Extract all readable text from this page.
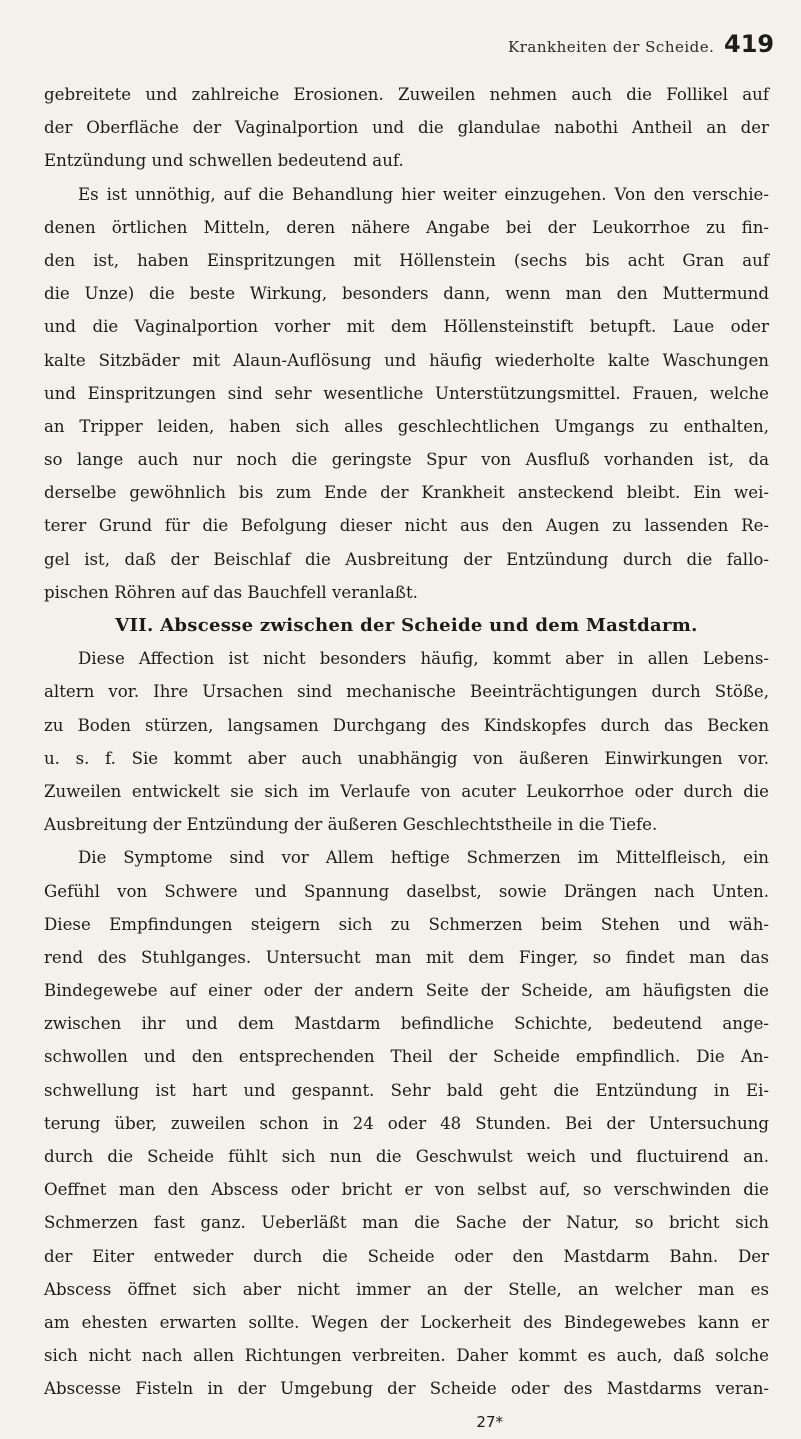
Krankheiten der Scheide. 419
gebreitete und zahlreiche Erosionen. Zuweilen nehmen auch die Follikel auf
der Oberfläche der Vaginalportion und die glandulae nabothi Antheil an der
Entzündung und schwellen bedeutend auf.
Es ist unnöthig, auf die Behandlung hier weiter einzugehen. Von den verschie-
denen örtlichen Mitteln, deren nähere Angabe bei der Leukorrhoe zu fin-
den ist, haben Einspritzungen mit Höllenstein (sechs bis acht Gran auf
die Unze) die beste Wirkung, besonders dann, wenn man den Muttermund
und die Vaginalportion vorher mit dem Höllensteinstift betupft. Laue oder
kalte Sitzbäder mit Alaun-Auflösung und häufig wiederholte kalte Waschungen
und Einspritzungen sind sehr wesentliche Unterstützungsmittel. Frauen, welche
an Tripper leiden, haben sich alles geschlechtlichen Umgangs zu enthalten,
so lange auch nur noch die geringste Spur von Ausfluß vorhanden ist, da
derselbe gewöhnlich bis zum Ende der Krankheit ansteckend bleibt. Ein wei-
terer Grund für die Befolgung dieser nicht aus den Augen zu lassenden Re-
gel ist, daß der Beischlaf die Ausbreitung der Entzündung durch die fallo-
pischen Röhren auf das Bauchfell veranlaßt.
VII. Abscesse zwischen der Scheide und dem Mastdarm.
Diese Affection ist nicht besonders häufig, kommt aber in allen Lebens-
altern vor. Ihre Ursachen sind mechanische Beeinträchtigungen durch Stöße,
zu Boden stürzen, langsamen Durchgang des Kindskopfes durch das Becken
u. s. f. Sie kommt aber auch unabhängig von äußeren Einwirkungen vor.
Zuweilen entwickelt sie sich im Verlaufe von acuter Leukorrhoe oder durch die
Ausbreitung der Entzündung der äußeren Geschlechtstheile in die Tiefe.
Die Symptome sind vor Allem heftige Schmerzen im Mittelfleisch, ein
Gefühl von Schwere und Spannung daselbst, sowie Drängen nach Unten.
Diese Empfindungen steigern sich zu Schmerzen beim Stehen und wäh-
rend des Stuhlganges. Untersucht man mit dem Finger, so findet man das
Bindegewebe auf einer oder der andern Seite der Scheide, am häufigsten die
zwischen ihr und dem Mastdarm befindliche Schichte, bedeutend ange-
schwollen und den entsprechenden Theil der Scheide empfindlich. Die An-
schwellung ist hart und gespannt. Sehr bald geht die Entzündung in Ei-
terung über, zuweilen schon in 24 oder 48 Stunden. Bei der Untersuchung
durch die Scheide fühlt sich nun die Geschwulst weich und fluctuirend an.
Oeffnet man den Abscess oder bricht er von selbst auf, so verschwinden die
Schmerzen fast ganz. Ueberläßt man die Sache der Natur, so bricht sich
der Eiter entweder durch die Scheide oder den Mastdarm Bahn. Der
Abscess öffnet sich aber nicht immer an der Stelle, an welcher man es
am ehesten erwarten sollte. Wegen der Lockerheit des Bindegewebes kann er
sich nicht nach allen Richtungen verbreiten. Daher kommt es auch, daß solche
Abscesse Fisteln in der Umgebung der Scheide oder des Mastdarms veran-
27*
